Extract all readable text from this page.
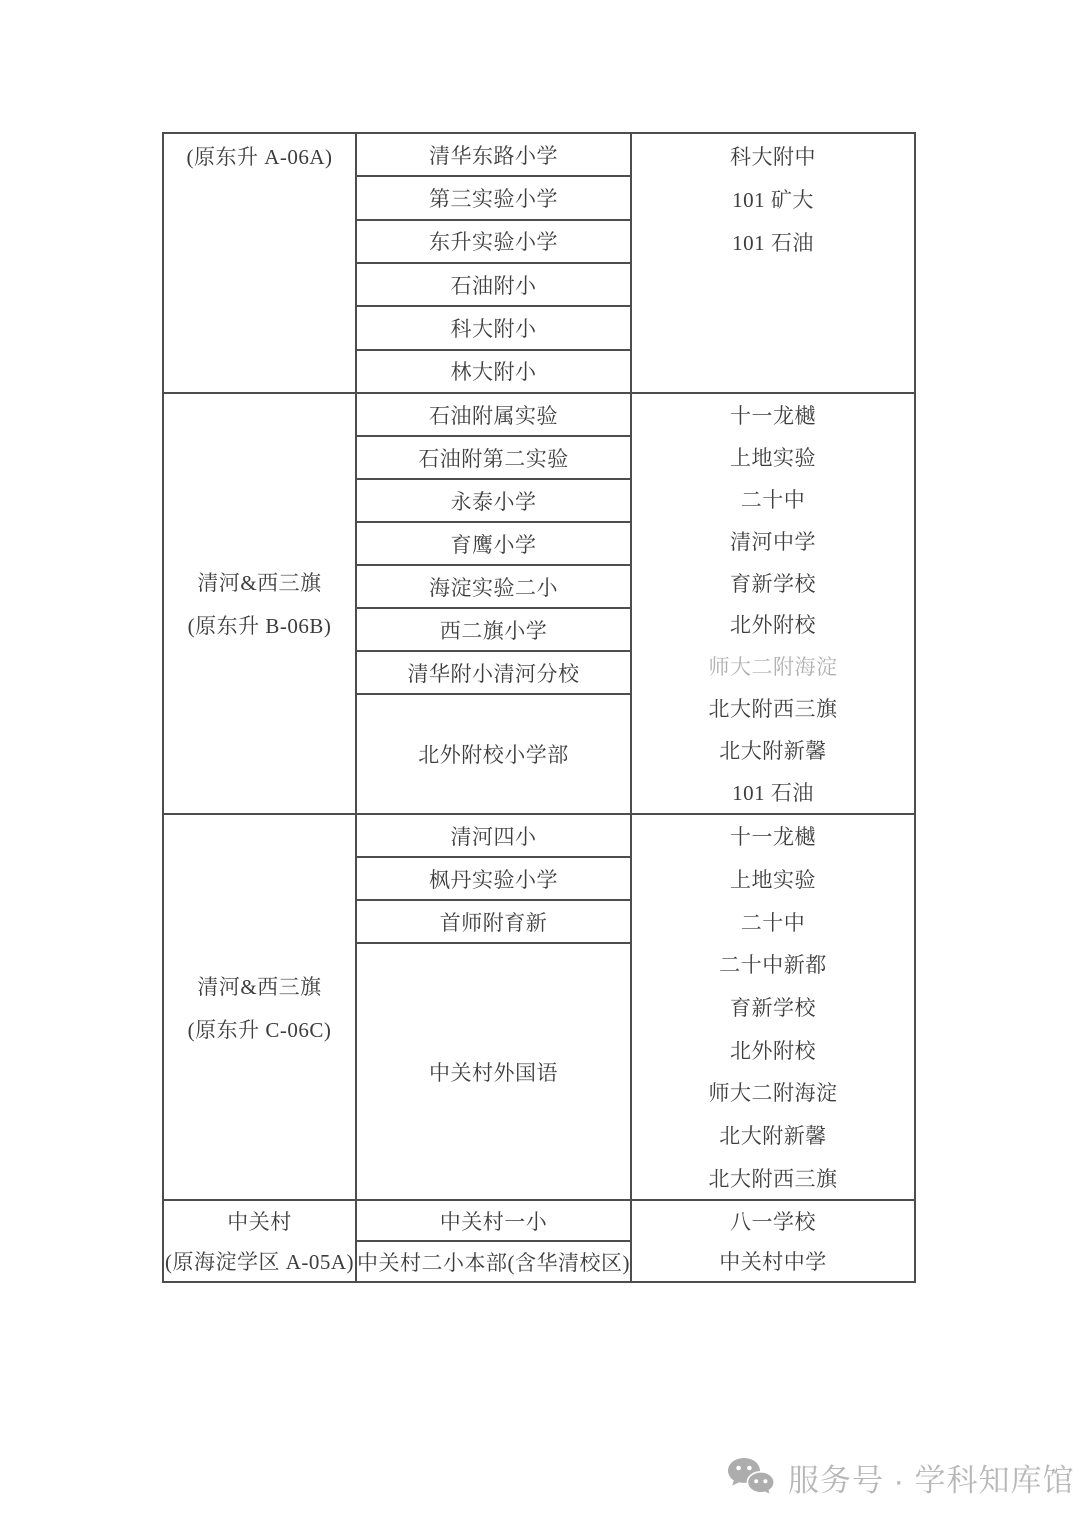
(原东升 A-06A)	清华东路小学
第三实验小学
东升实验小学
石油附小
科大附小
林大附小
科大附中
101 矿大
101 石油
清河&西三旗
(原东升 B-06B)
石油附属实验
石油附第二实验
永泰小学
育鹰小学
海淀实验二小
西二旗小学
清华附小清河分校
北外附校小学部
十一龙樾
上地实验
二十中
清河中学
育新学校
北外附校
师大二附海淀
北大附西三旗
北大附新馨
101 石油
清河&西三旗
(原东升 C-06C)
清河四小
枫丹实验小学
首师附育新
中关村外国语
十一龙樾
上地实验
二十中
二十中新都
育新学校
北外附校
师大二附海淀
北大附新馨
北大附西三旗
中关村
(原海淀学区 A-05A)
中关村一小
中关村二小本部(含华清校区)
八一学校
中关村中学
服务号 · 学科知库馆
